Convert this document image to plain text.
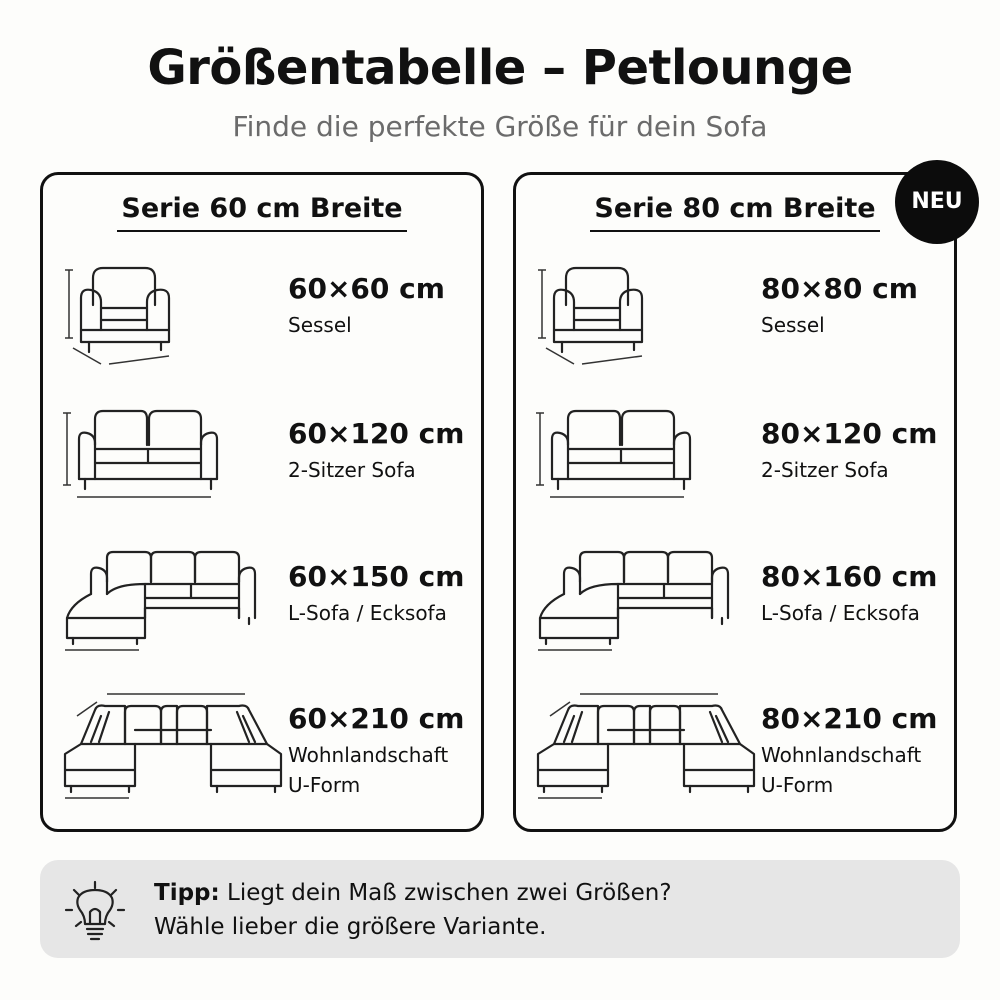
Größentabelle – Petlounge
Finde die perfekte Größe für dein Sofa
Serie 60 cm Breite
60×60 cm
Sessel
60×120 cm
2-Sitzer Sofa
60×150 cm
L-Sofa / Ecksofa
60×210 cm
Wohnlandschaft
U-Form
Serie 80 cm Breite
80×80 cm
Sessel
80×120 cm
2-Sitzer Sofa
80×160 cm
L-Sofa / Ecksofa
80×210 cm
Wohnlandschaft
U-Form
NEU
Tipp: Liegt dein Maß zwischen zwei Größen?
Wähle lieber die größere Variante.
